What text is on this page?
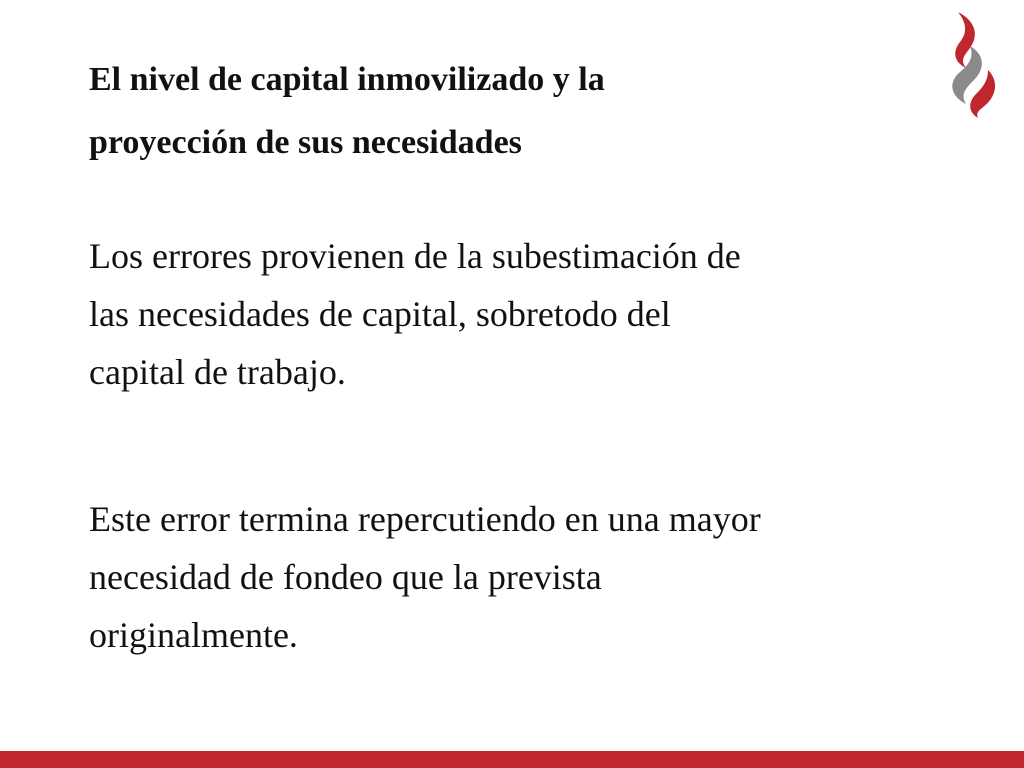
El nivel de capital inmovilizado y la
proyección de sus necesidades

Los errores provienen de la subestimación de
las necesidades de capital, sobretodo del
capital de trabajo.

Este error termina repercutiendo en una mayor
necesidad de fondeo que la prevista
originalmente.
